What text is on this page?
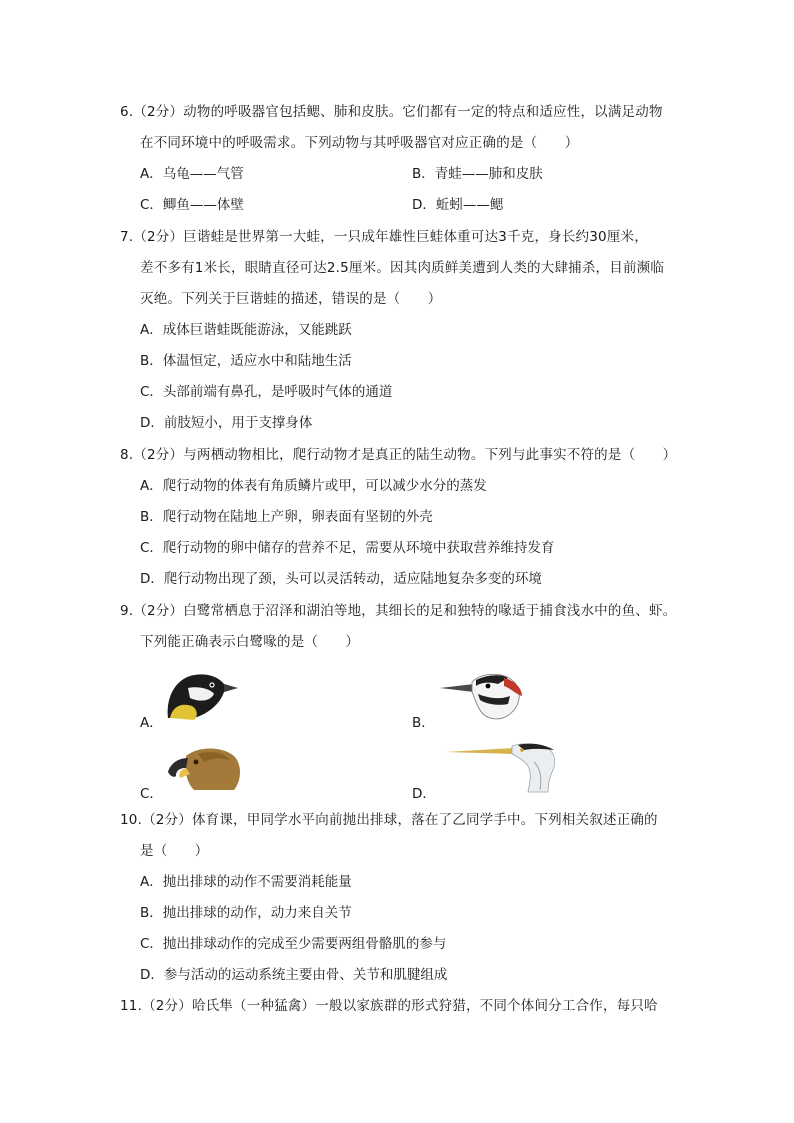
6.（2分）动物的呼吸器官包括鳃、肺和皮肤。它们都有一定的特点和适应性，以满足动物
在不同环境中的呼吸需求。下列动物与其呼吸器官对应正确的是（　　）
A．乌龟——气管	B．青蛙——肺和皮肤
C．鲫鱼——体壁	D．蚯蚓——鳃
7.（2分）巨谐蛙是世界第一大蛙，一只成年雄性巨蛙体重可达3千克，身长约30厘米，
差不多有1米长，眼睛直径可达2.5厘米。因其肉质鲜美遭到人类的大肆捕杀，目前濒临
灭绝。下列关于巨谐蛙的描述，错误的是（　　）
A．成体巨谐蛙既能游泳，又能跳跃
B．体温恒定，适应水中和陆地生活
C．头部前端有鼻孔，是呼吸时气体的通道
D．前肢短小，用于支撑身体
8.（2分）与两栖动物相比，爬行动物才是真正的陆生动物。下列与此事实不符的是（　　）
A．爬行动物的体表有角质鳞片或甲，可以减少水分的蒸发
B．爬行动物在陆地上产卵，卵表面有坚韧的外壳
C．爬行动物的卵中储存的营养不足，需要从环境中获取营养维持发育
D．爬行动物出现了颈，头可以灵活转动，适应陆地复杂多变的环境
9.（2分）白鹭常栖息于沼泽和湖泊等地，其细长的足和独特的喙适于捕食浅水中的鱼、虾。
下列能正确表示白鹭喙的是（　　）
A．	B．
C．	D．
10.（2分）体育课，甲同学水平向前抛出排球，落在了乙同学手中。下列相关叙述正确的
是（　　）
A．抛出排球的动作不需要消耗能量
B．抛出排球的动作，动力来自关节
C．抛出排球动作的完成至少需要两组骨骼肌的参与
D．参与活动的运动系统主要由骨、关节和肌腱组成
11.（2分）哈氏隼（一种猛禽）一般以家族群的形式狩猎，不同个体间分工合作，每只哈
